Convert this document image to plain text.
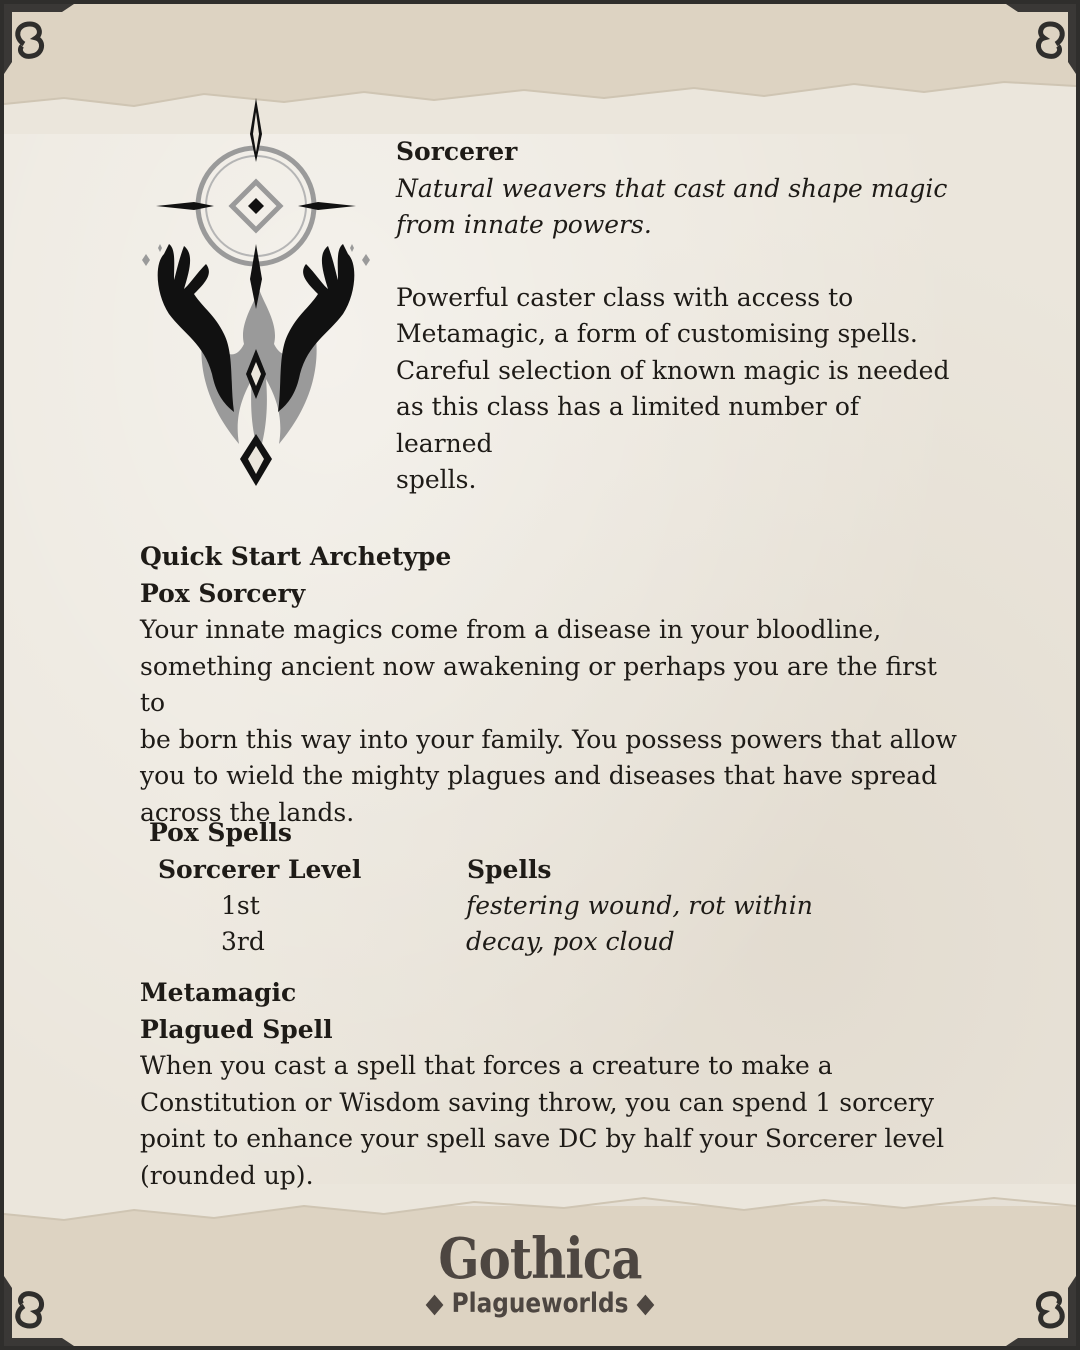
Sorcerer

Natural weavers that cast and shape magic

from innate powers.

Powerful caster class with access to

Metamagic, a form of customising spells.

Careful selection of known magic is needed

as this class has a limited number of learned

spells.

Quick Start Archetype

Pox Sorcery

Your innate magics come from a disease in your bloodline,

something ancient now awakening or perhaps you are the first to

be born this way into your family. You possess powers that allow

you to wield the mighty plagues and diseases that have spread

across the lands.

Pox Spells
Sorcerer Level	Spells
1st	festering wound, rot within
3rd	decay, pox cloud

Metamagic

Plagued Spell

When you cast a spell that forces a creature to make a

Constitution or Wisdom saving throw, you can spend 1 sorcery

point to enhance your spell save DC by half your Sorcerer level

(rounded up).

Gothica
◆ Plagueworlds ◆
